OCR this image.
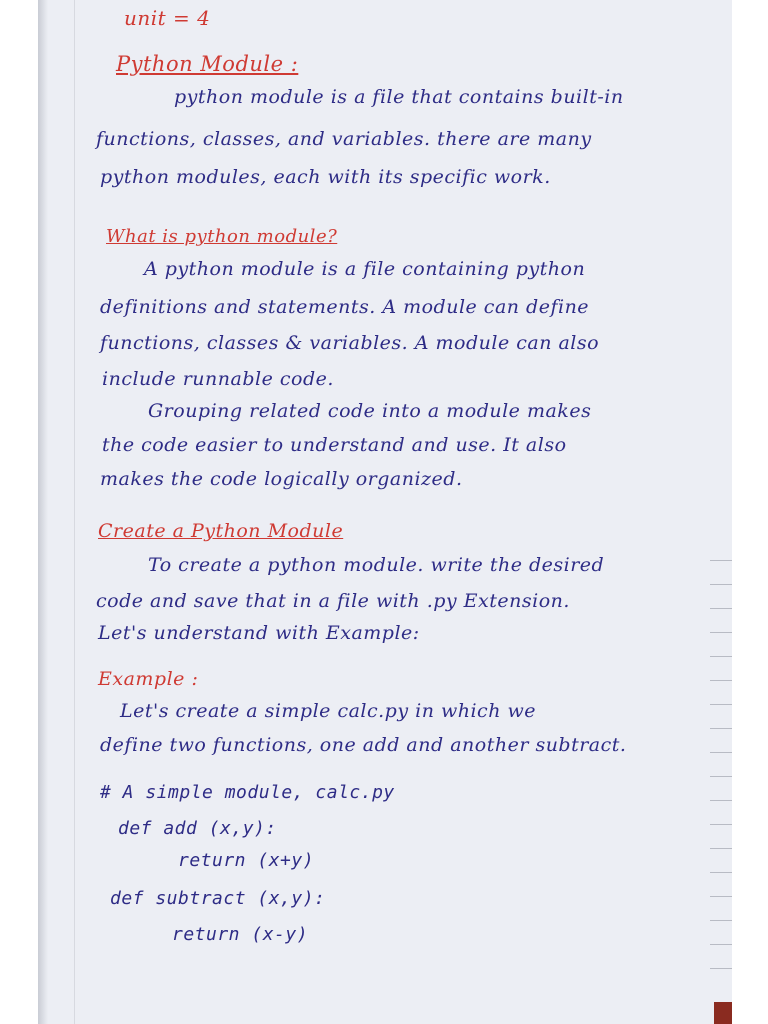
unit = 4
Python Module :
python module is a file that contains built-in
functions, classes, and variables. there are many
python modules, each with its specific work.
What is python module?
A python module is a file containing python
definitions and statements. A module can define
functions, classes & variables. A module can also
include runnable code.
Grouping related code into a module makes
the code easier to understand and use. It also
makes the code logically organized.
Create a Python Module
To create a python module. write the desired
code and save that in a file with .py Extension.
Let's understand with Example:
Example :
Let's create a simple calc.py in which we
define two functions, one add and another subtract.
# A simple module, calc.py
def add (x,y):
return (x+y)
def subtract (x,y):
return (x-y)
